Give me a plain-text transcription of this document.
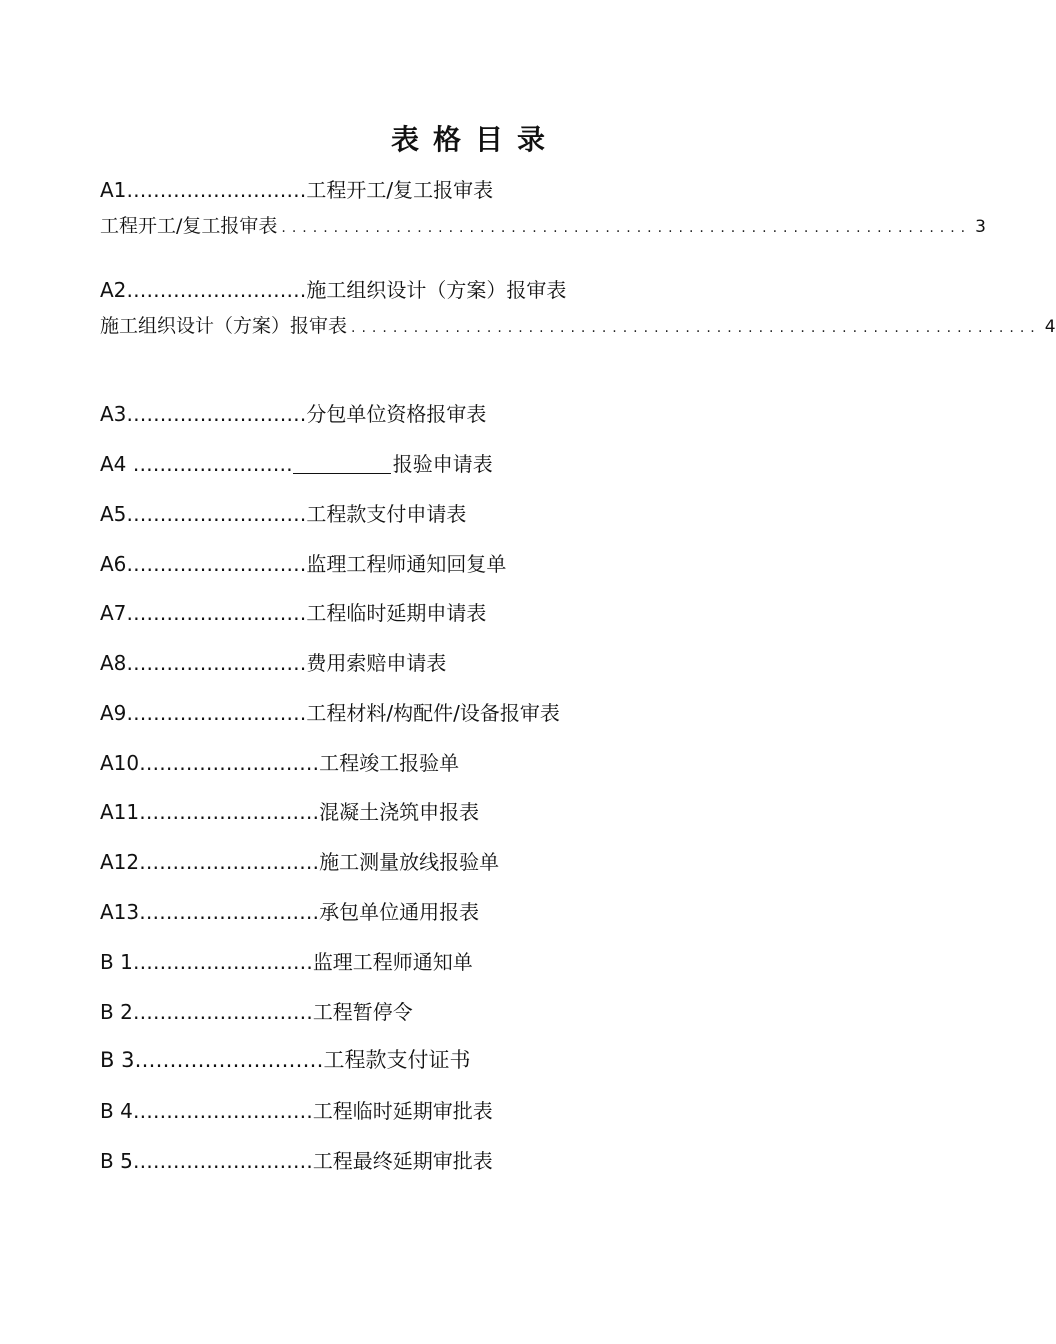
表格目录
A1………………………工程开工/复工报审表
工程开工/复工报审表 .................................................................. 3
A2………………………施工组织设计（方案）报审表
施工组织设计（方案）报审表 .................................................................. 4
A3………………………分包单位资格报审表
A4 ……………………	报验申请表
A5………………………工程款支付申请表
A6………………………监理工程师通知回复单
A7………………………工程临时延期申请表
A8………………………费用索赔申请表
A9………………………工程材料/构配件/设备报审表
A10………………………工程竣工报验单
A11………………………混凝土浇筑申报表
A12………………………施工测量放线报验单
A13………………………承包单位通用报表
B 1………………………监理工程师通知单
B 2………………………工程暂停令
B 3………………………工程款支付证书
B 4………………………工程临时延期审批表
B 5………………………工程最终延期审批表
